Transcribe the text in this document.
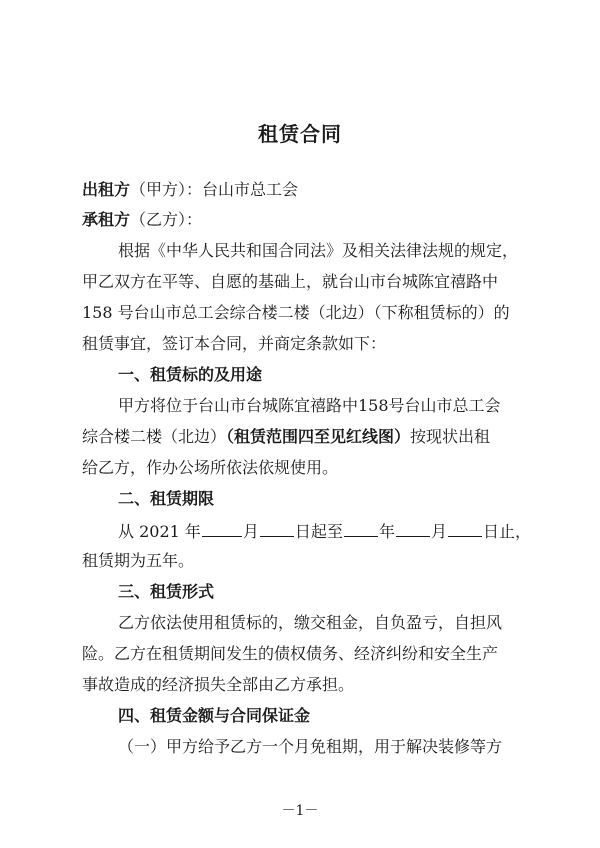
租赁合同
出租方（甲方）：台山市总工会
承租方（乙方）：
根据《中华人民共和国合同法》及相关法律法规的规定，
甲乙双方在平等、自愿的基础上，就台山市台城陈宜禧路中
158 号台山市总工会综合楼二楼（北边）（下称租赁标的）的
租赁事宜，签订本合同，并商定条款如下：
一、租赁标的及用途
甲方将位于台山市台城陈宜禧路中158号台山市总工会
综合楼二楼（北边）（租赁范围四至见红线图）按现状出租
给乙方，作办公场所依法依规使用。
二、租赁期限
从 2021 年	月 日起至 年 月 日止，
租赁期为五年。
三、租赁形式
乙方依法使用租赁标的，缴交租金，自负盈亏，自担风
险。乙方在租赁期间发生的债权债务、经济纠纷和安全生产
事故造成的经济损失全部由乙方承担。
四、租赁金额与合同保证金
（一）甲方给予乙方一个月免租期，用于解决装修等方
－1－
